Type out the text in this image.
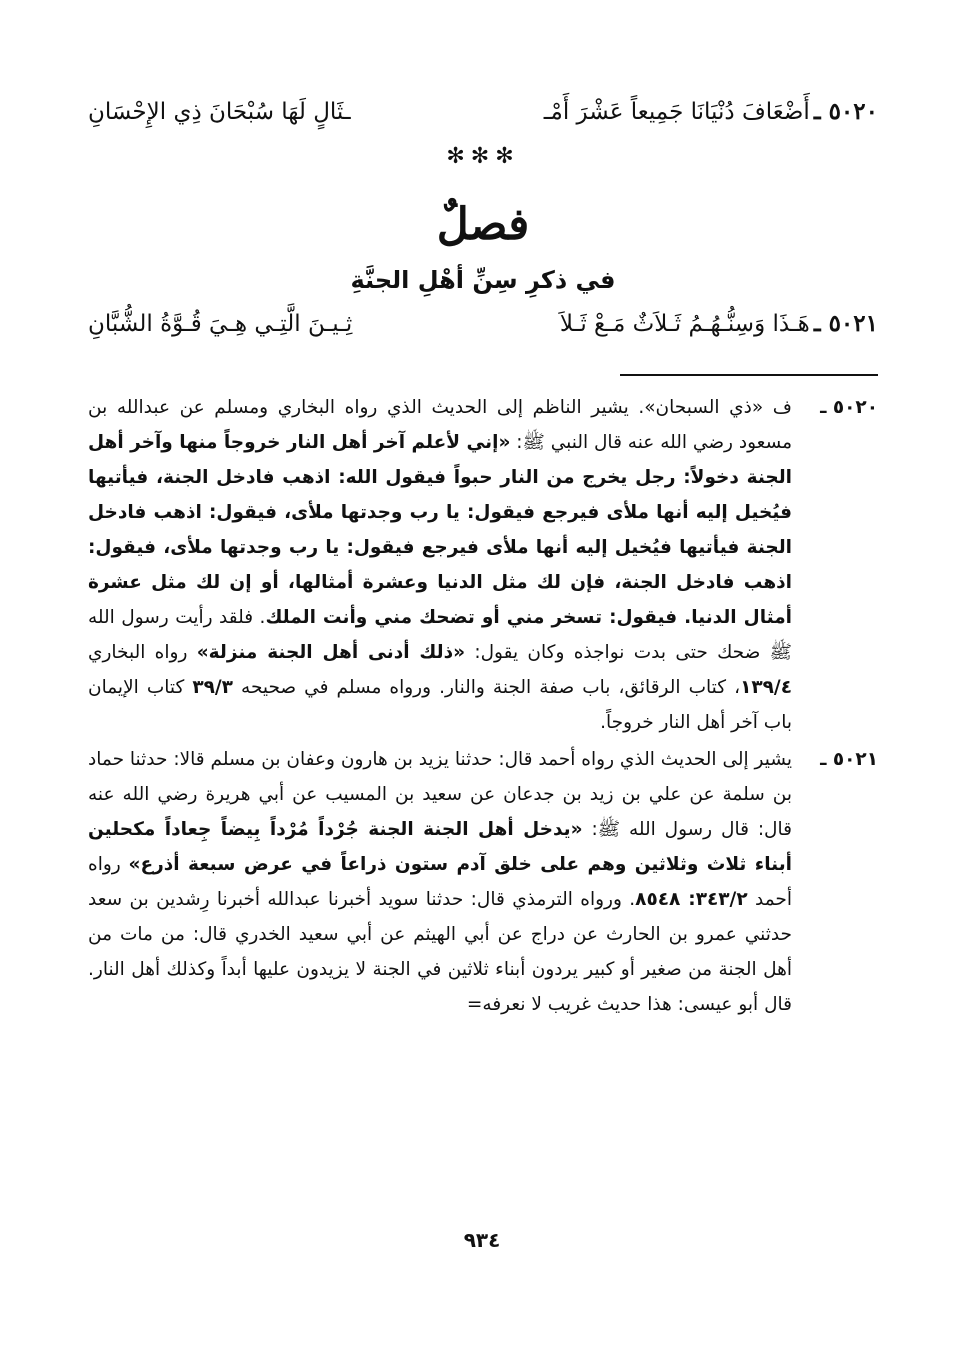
٥٠٢٠ ـ
أَضْعَافَ دُنْيَانَا جَمِيعاً عَشْرَ أَمْـ
ـثَالٍ لَهَا سُبْحَانَ ذِي الإِحْسَانِ
✻✻✻
فصلٌ
في ذكرِ سِنِّ أهْلِ الجنَّةِ
٥٠٢١ ـ
هَـذَا وَسِنُّـهُـمُ ثَـلاَثٌ مَـعْ ثَـلاَ
ثِـيـنَ الَّتِـي هِـيَ قُـوَّةُ الشُّبَّانِ
٥٠٢٠ ـ
ف «ذي السبحان». يشير الناظم إلى الحديث الذي رواه البخاري ومسلم عن عبدالله بن مسعود رضي الله عنه قال النبي ﷺ: «إني لأعلم آخر أهل النار خروجاً منها وآخر أهل الجنة دخولاً: رجل يخرج من النار حبواً فيقول الله: اذهب فادخل الجنة، فيأتيها فيُخيل إليه أنها ملأى فيرجع فيقول: يا رب وجدتها ملأى، فيقول: اذهب فادخل الجنة فيأتيها فيُخيل إليه أنها ملأى فيرجع فيقول: يا رب وجدتها ملأى، فيقول: اذهب فادخل الجنة، فإن لك مثل الدنيا وعشرة أمثالها، أو إن لك مثل عشرة أمثال الدنيا. فيقول: تسخر مني أو تضحك مني وأنت الملك. فلقد رأيت رسول الله ﷺ ضحك حتى بدت نواجذه وكان يقول: «ذلك أدنى أهل الجنة منزلة» رواه البخاري ١٣٩/٤، كتاب الرقائق، باب صفة الجنة والنار. ورواه مسلم في صحيحه ٣٩/٣ كتاب الإيمان باب آخر أهل النار خروجاً.
٥٠٢١ ـ
يشير إلى الحديث الذي رواه أحمد قال: حدثنا يزيد بن هارون وعفان بن مسلم قالا: حدثنا حماد بن سلمة عن علي بن زيد بن جدعان عن سعيد بن المسيب عن أبي هريرة رضي الله عنه قال: قال رسول الله ﷺ: «يدخل أهل الجنة الجنة جُرْداً مُرْداً بِيضاً جِعاداً مكحلين أبناء ثلاث وثلاثين وهم على خلق آدم ستون ذراعاً في عرض سبعة أذرع» رواه أحمد ٣٤٣/٢: ٨٥٤٨. ورواه الترمذي قال: حدثنا سويد أخبرنا عبدالله أخبرنا رِشدين بن سعد حدثني عمرو بن الحارث عن دراج عن أبي الهيثم عن أبي سعيد الخدري قال: من مات من أهل الجنة من صغير أو كبير يردون أبناء ثلاثين في الجنة لا يزيدون عليها أبداً وكذلك أهل النار. قال أبو عيسى: هذا حديث غريب لا نعرفه=
٩٣٤
